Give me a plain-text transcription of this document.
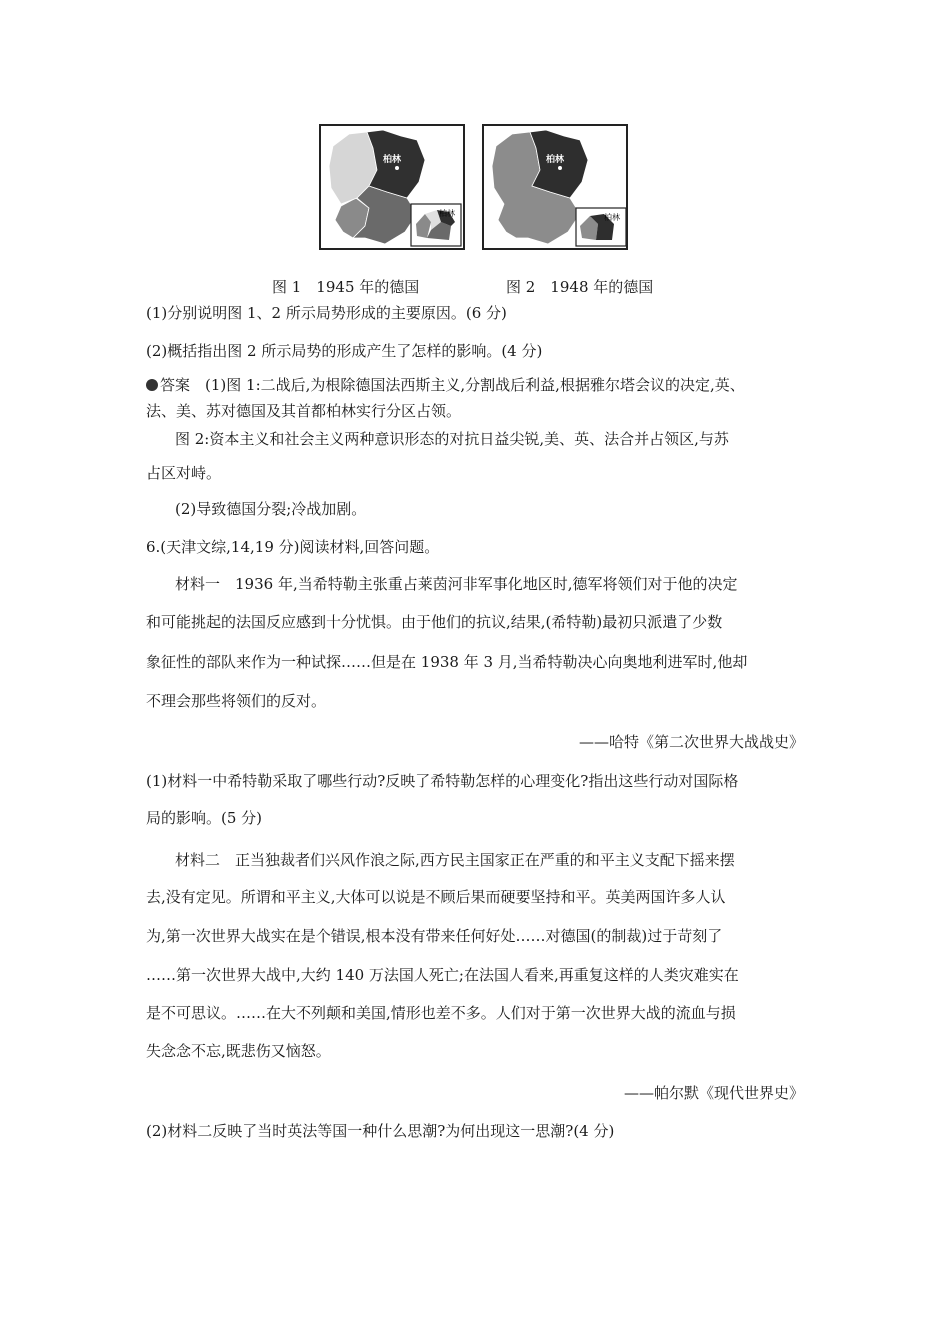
柏林
柏林
柏林
柏林
图 1　1945 年的德国	图 2　1948 年的德国
(1)分别说明图 1、2 所示局势形成的主要原因。(6 分)
(2)概括指出图 2 所示局势的形成产生了怎样的影响。(4 分)
答案　 (1)图 1:二战后,为根除德国法西斯主义,分割战后利益,根据雅尔塔会议的决定,英、
法、美、苏对德国及其首都柏林实行分区占领。
图 2:资本主义和社会主义两种意识形态的对抗日益尖锐,美、英、法合并占领区,与苏
占区对峙。
(2)导致德国分裂;冷战加剧。
6.(天津文综,14,19 分)阅读材料,回答问题。
材料一　1936 年,当希特勒主张重占莱茵河非军事化地区时,德军将领们对于他的决定
和可能挑起的法国反应感到十分忧惧。由于他们的抗议,结果,(希特勒)最初只派遣了少数
象征性的部队来作为一种试探……但是在 1938 年 3 月,当希特勒决心向奥地利进军时,他却
不理会那些将领们的反对。
——哈特《第二次世界大战战史》
(1)材料一中希特勒采取了哪些行动?反映了希特勒怎样的心理变化?指出这些行动对国际格
局的影响。(5 分)
材料二　正当独裁者们兴风作浪之际,西方民主国家正在严重的和平主义支配下摇来摆
去,没有定见。所谓和平主义,大体可以说是不顾后果而硬要坚持和平。英美两国许多人认
为,第一次世界大战实在是个错误,根本没有带来任何好处……对德国(的制裁)过于苛刻了
……第一次世界大战中,大约 140 万法国人死亡;在法国人看来,再重复这样的人类灾难实在
是不可思议。……在大不列颠和美国,情形也差不多。人们对于第一次世界大战的流血与损
失念念不忘,既悲伤又恼怒。
——帕尔默《现代世界史》
(2)材料二反映了当时英法等国一种什么思潮?为何出现这一思潮?(4 分)
